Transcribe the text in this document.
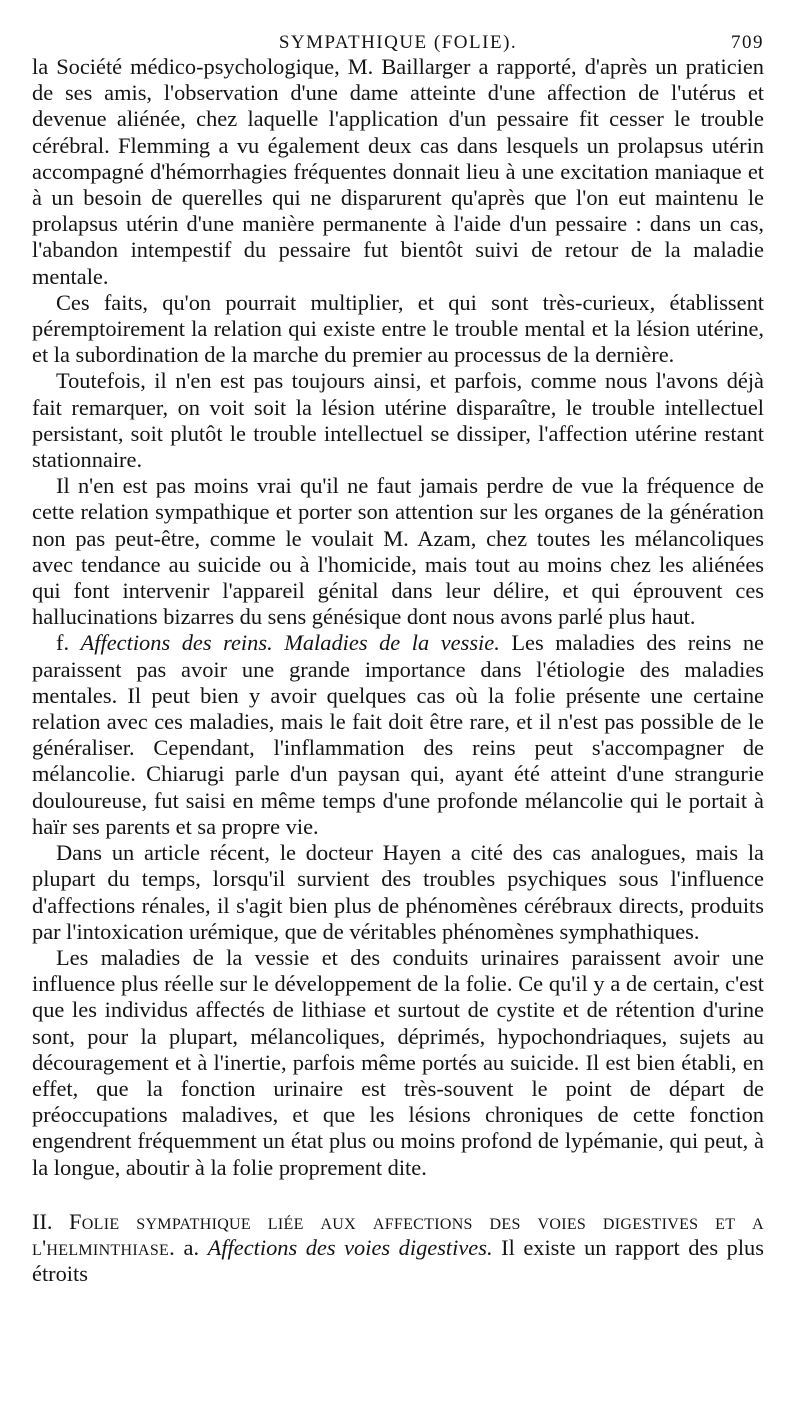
SYMPATHIQUE (FOLIE).	709

la Société médico-psychologique, M. Baillarger a rapporté, d'après un praticien de ses amis, l'observation d'une dame atteinte d'une affection de l'utérus et devenue aliénée, chez laquelle l'application d'un pessaire fit cesser le trouble cérébral. Flemming a vu également deux cas dans lesquels un prolapsus utérin accompagné d'hémorrhagies fréquentes donnait lieu à une excitation maniaque et à un besoin de querelles qui ne disparurent qu'après que l'on eut maintenu le prolapsus utérin d'une manière permanente à l'aide d'un pessaire : dans un cas, l'abandon intempestif du pessaire fut bientôt suivi de retour de la maladie mentale.

Ces faits, qu'on pourrait multiplier, et qui sont très-curieux, établissent péremptoirement la relation qui existe entre le trouble mental et la lésion utérine, et la subordination de la marche du premier au processus de la dernière.

Toutefois, il n'en est pas toujours ainsi, et parfois, comme nous l'avons déjà fait remarquer, on voit soit la lésion utérine disparaître, le trouble intellectuel persistant, soit plutôt le trouble intellectuel se dissiper, l'affection utérine restant stationnaire.

Il n'en est pas moins vrai qu'il ne faut jamais perdre de vue la fréquence de cette relation sympathique et porter son attention sur les organes de la génération non pas peut-être, comme le voulait M. Azam, chez toutes les mélancoliques avec tendance au suicide ou à l'homicide, mais tout au moins chez les aliénées qui font intervenir l'appareil génital dans leur délire, et qui éprouvent ces hallucinations bizarres du sens génésique dont nous avons parlé plus haut.

f. Affections des reins. Maladies de la vessie. Les maladies des reins ne paraissent pas avoir une grande importance dans l'étiologie des maladies mentales. Il peut bien y avoir quelques cas où la folie présente une certaine relation avec ces maladies, mais le fait doit être rare, et il n'est pas possible de le généraliser. Cependant, l'inflammation des reins peut s'accompagner de mélancolie. Chiarugi parle d'un paysan qui, ayant été atteint d'une strangurie douloureuse, fut saisi en même temps d'une profonde mélancolie qui le portait à haïr ses parents et sa propre vie.

Dans un article récent, le docteur Hayen a cité des cas analogues, mais la plupart du temps, lorsqu'il survient des troubles psychiques sous l'influence d'affections rénales, il s'agit bien plus de phénomènes cérébraux directs, produits par l'intoxication urémique, que de véritables phénomènes symphathiques.

Les maladies de la vessie et des conduits urinaires paraissent avoir une influence plus réelle sur le développement de la folie. Ce qu'il y a de certain, c'est que les individus affectés de lithiase et surtout de cystite et de rétention d'urine sont, pour la plupart, mélancoliques, déprimés, hypochondriaques, sujets au découragement et à l'inertie, parfois même portés au suicide. Il est bien établi, en effet, que la fonction urinaire est très-souvent le point de départ de préoccupations maladives, et que les lésions chroniques de cette fonction engendrent fréquemment un état plus ou moins profond de lypémanie, qui peut, à la longue, aboutir à la folie proprement dite.

II. Folie sympathique liée aux affections des voies digestives et a l'helminthiase. a. Affections des voies digestives. Il existe un rapport des plus étroits
